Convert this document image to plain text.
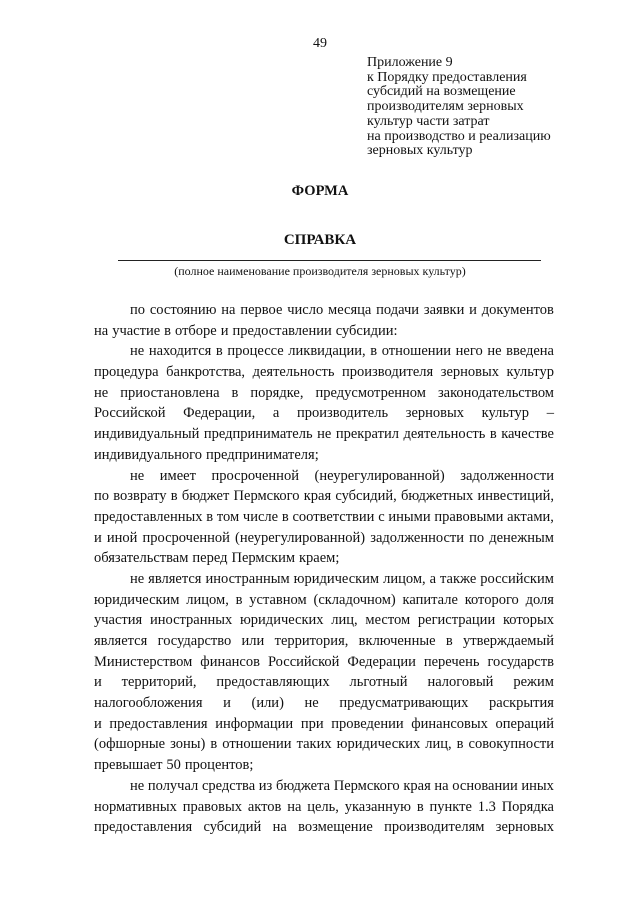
49
Приложение 9
к Порядку предоставления
субсидий на возмещение
производителям зерновых
культур части затрат
на производство и реализацию
зерновых культур
ФОРМА
СПРАВКА
(полное наименование производителя зерновых культур)
по состоянию на первое число месяца подачи заявки и документов
на участие в отборе и предоставлении субсидии:
не находится в процессе ликвидации, в отношении него не введена
процедура банкротства, деятельность производителя зерновых культур
не приостановлена в порядке, предусмотренном законодательством
Российской Федерации, а производитель зерновых культур –
индивидуальный предприниматель не прекратил деятельность в качестве
индивидуального предпринимателя;
не имеет просроченной (неурегулированной) задолженности
по возврату в бюджет Пермского края субсидий, бюджетных инвестиций,
предоставленных в том числе в соответствии с иными правовыми актами,
и иной просроченной (неурегулированной) задолженности по денежным
обязательствам перед Пермским краем;
не является иностранным юридическим лицом, а также российским
юридическим лицом, в уставном (складочном) капитале которого доля
участия иностранных юридических лиц, местом регистрации которых
является государство или территория, включенные в утверждаемый
Министерством финансов Российской Федерации перечень государств
и территорий, предоставляющих льготный налоговый режим
налогообложения и (или) не предусматривающих раскрытия
и предоставления информации при проведении финансовых операций
(офшорные зоны) в отношении таких юридических лиц, в совокупности
превышает 50 процентов;
не получал средства из бюджета Пермского края на основании иных
нормативных правовых актов на цель, указанную в пункте 1.3 Порядка
предоставления субсидий на возмещение производителям зерновых
